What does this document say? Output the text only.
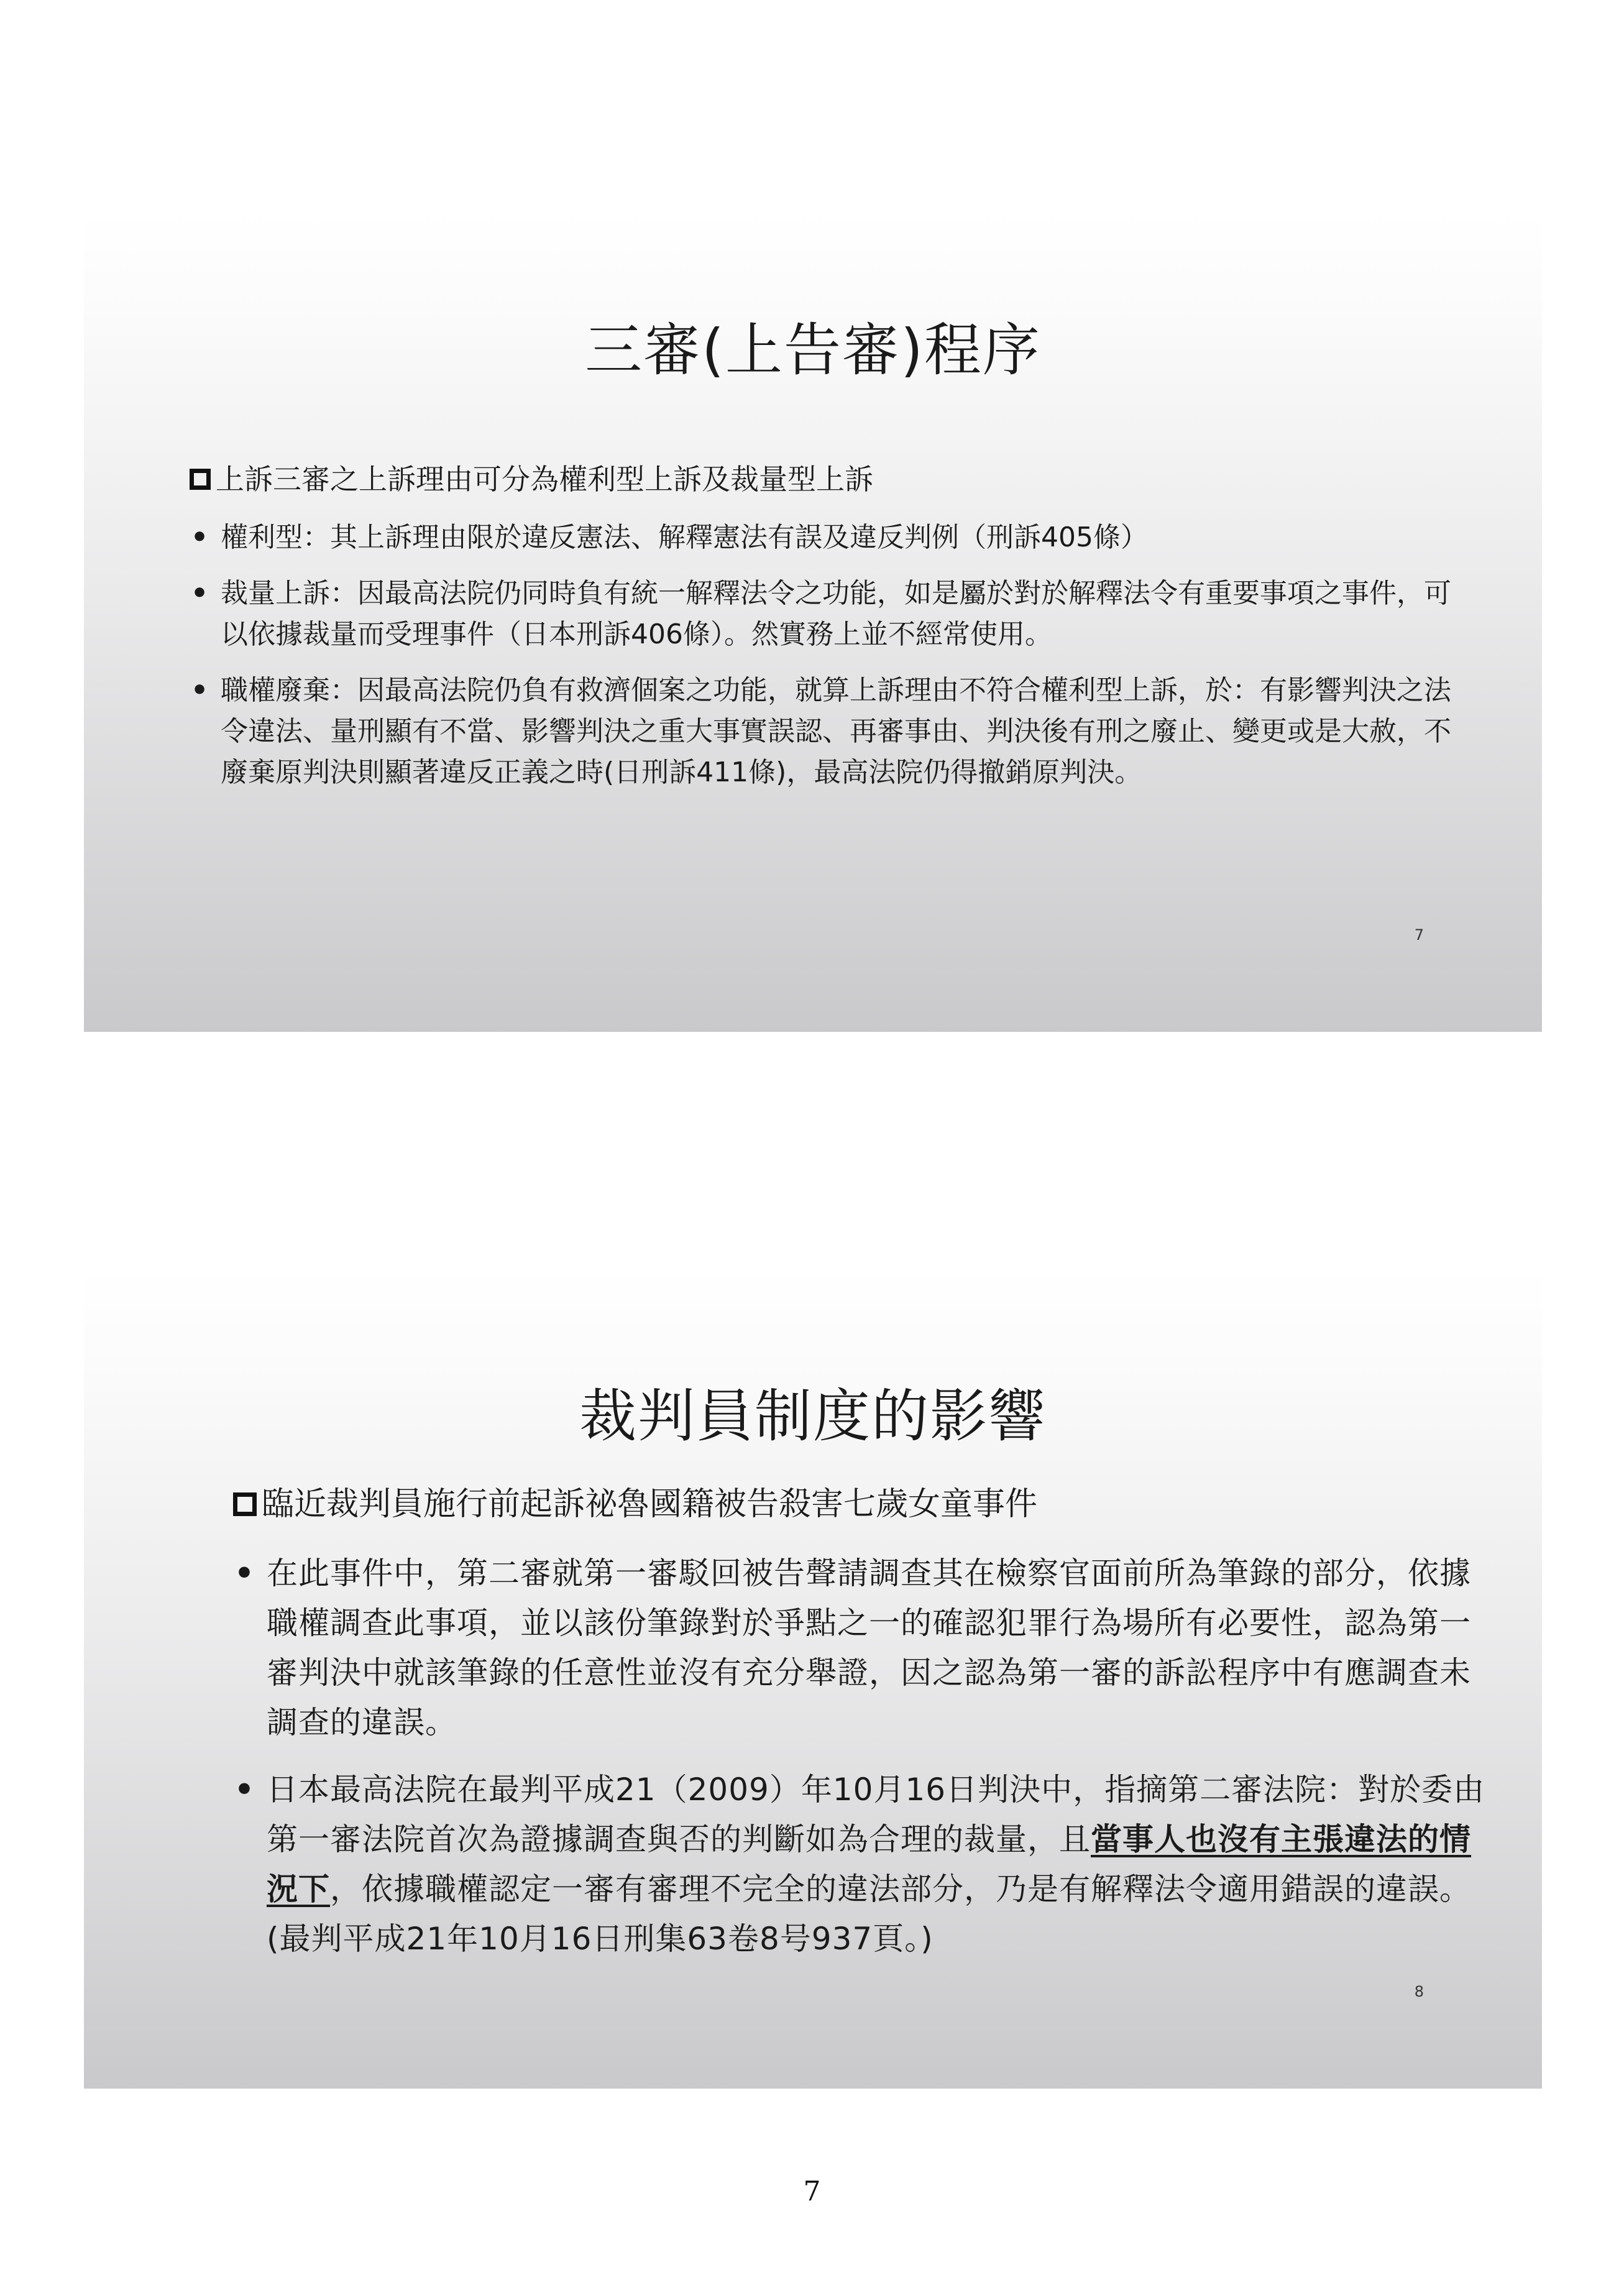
三審(上告審)程序
上訴三審之上訴理由可分為權利型上訴及裁量型上訴
• 權利型：其上訴理由限於違反憲法、解釋憲法有誤及違反判例（刑訴405條）
• 裁量上訴：因最高法院仍同時負有統一解釋法令之功能，如是屬於對於解釋法令有重要事項之事件，可以依據裁量而受理事件（日本刑訴406條）。然實務上並不經常使用。
• 職權廢棄：因最高法院仍負有救濟個案之功能，就算上訴理由不符合權利型上訴，於：有影響判決之法令違法、量刑顯有不當、影響判決之重大事實誤認、再審事由、判決後有刑之廢止、變更或是大赦，不廢棄原判決則顯著違反正義之時(日刑訴411條)，最高法院仍得撤銷原判決。
7
裁判員制度的影響
臨近裁判員施行前起訴祕魯國籍被告殺害七歲女童事件
• 在此事件中，第二審就第一審駁回被告聲請調查其在檢察官面前所為筆錄的部分，依據職權調查此事項，並以該份筆錄對於爭點之一的確認犯罪行為場所有必要性，認為第一審判決中就該筆錄的任意性並沒有充分舉證，因之認為第一審的訴訟程序中有應調查未調查的違誤。
• 日本最高法院在最判平成21（2009）年10月16日判決中，指摘第二審法院：對於委由第一審法院首次為證據調查與否的判斷如為合理的裁量，且當事人也沒有主張違法的情況下，依據職權認定一審有審理不完全的違法部分，乃是有解釋法令適用錯誤的違誤。 (最判平成21年10月16日刑集63卷8号937頁。)
8
7
